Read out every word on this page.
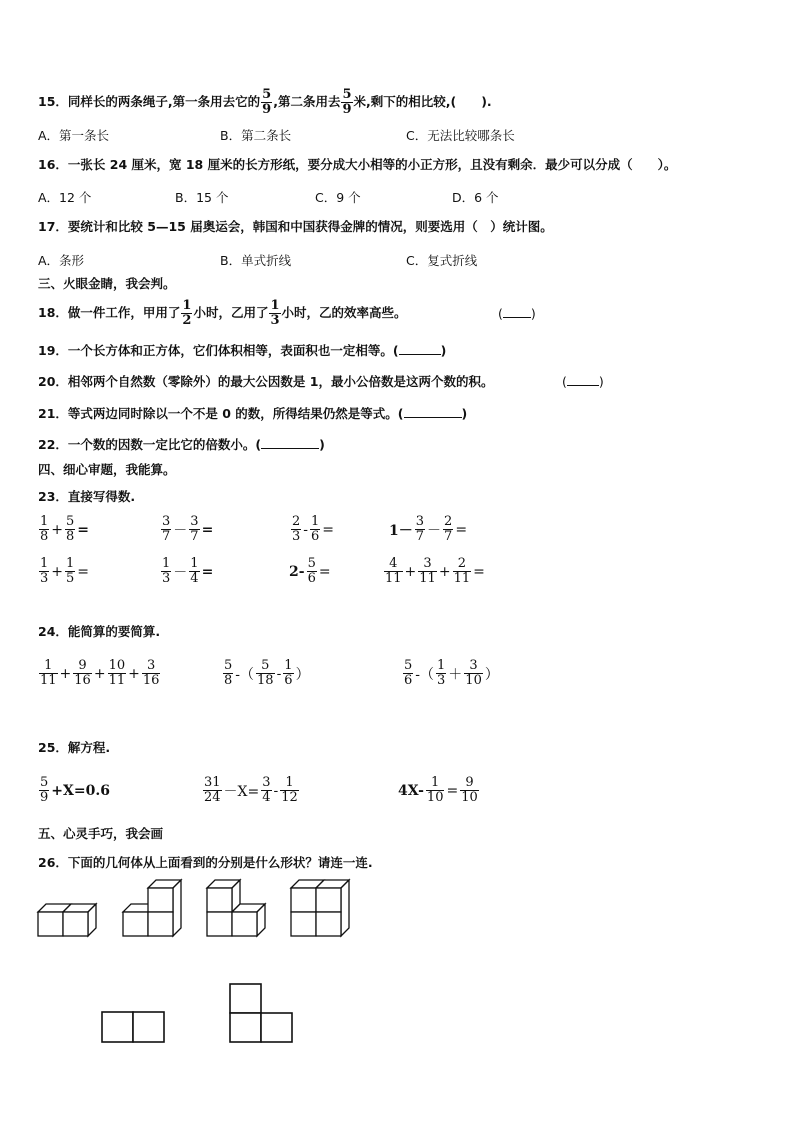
15．同样长的两条绳子,第一条用去它的 $\frac{5}{9}$ ,第二条用去 $\frac{5}{9}$ 米,剩下的相比较,(　　).
A．第一条长	B．第二条长	C．无法比较哪条长
16．一张长 24 厘米，宽 18 厘米的长方形纸，要分成大小相等的小正方形，且没有剩余．最少可以分成（　　）。
A．12 个	B．15 个	C．9 个	D．6 个
17．要统计和比较 5—15 届奥运会，韩国和中国获得金牌的情况，则要选用（　）统计图。
A．条形	B．单式折线	C．复式折线
三、火眼金睛，我会判。
18．做一件工作，甲用了 $\frac{1}{2}$ 小时，乙用了 $\frac{1}{3}$ 小时，乙的效率高些。	( )
19．一个长方体和正方体，它们体积相等，表面积也一定相等。(	)
20．相邻两个自然数（零除外）的最大公因数是 1，最小公倍数是这两个数的积。	(	)
21．等式两边同时除以一个不是 0 的数，所得结果仍然是等式。(	)
22．一个数的因数一定比它的倍数小。(	)
四、细心审题，我能算。
23．直接写得数.
$\frac{1}{8} + \frac{5}{8}$ =	$\frac{3}{7} - \frac{3}{7}$ =	$\frac{2}{3} - \frac{1}{6}$ =	$1- \frac{3}{7} - \frac{2}{7}$ =
$\frac{1}{3} + \frac{1}{5}$ =	$\frac{1}{3} - \frac{1}{4}$ =	$2- \frac{5}{6}$ =	$\frac{4}{11} + \frac{3}{11} + \frac{2}{11}$ =
24．能简算的要简算.
$\frac{1}{11} + \frac{9}{16} + \frac{10}{11} + \frac{3}{16}$	$\frac{5}{8}$ -（ $\frac{5}{18} - \frac{1}{6}$ ）	$\frac{5}{6}$ -（ $\frac{1}{3} + \frac{3}{10}$ ）
25．解方程.
$\frac{5}{9} +X=0.6$	$\frac{31}{24} -X= \frac{3}{4} - \frac{1}{12}$	$4X- \frac{1}{10} = \frac{9}{10}$
五、心灵手巧，我会画
26．下面的几何体从上面看到的分别是什么形状？请连一连.
